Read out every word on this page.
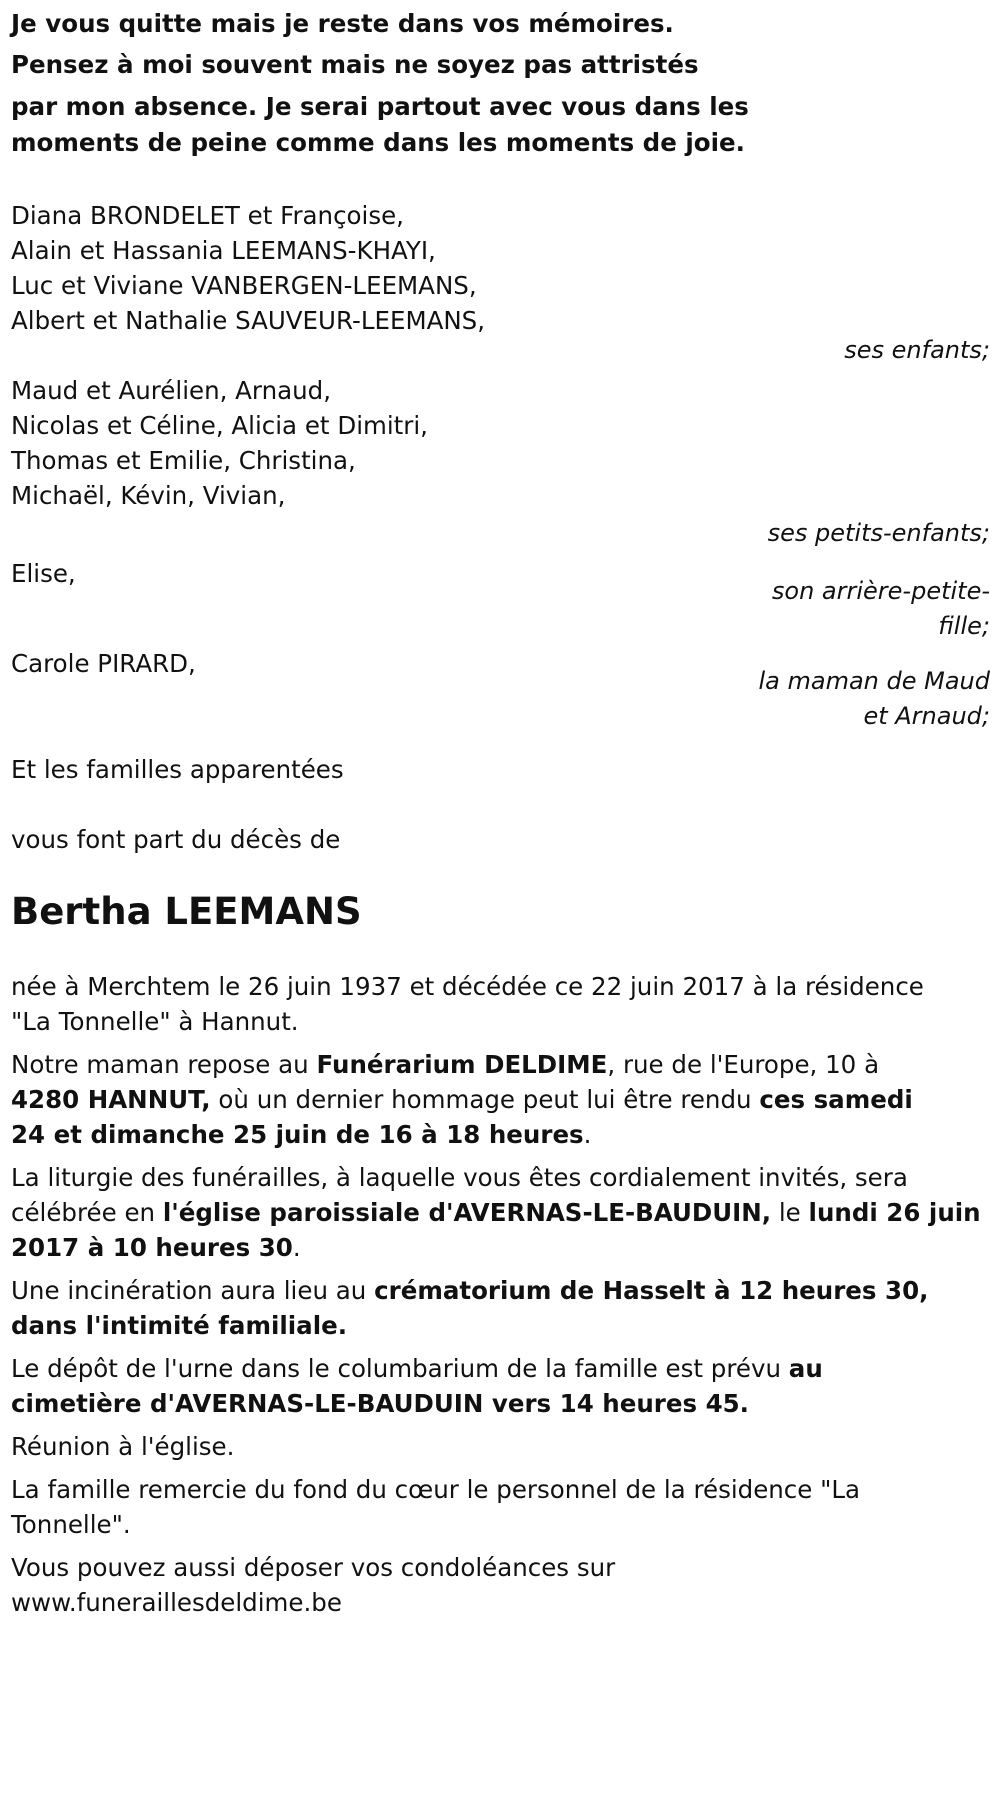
Je vous quitte mais je reste dans vos mémoires.

Pensez à moi souvent mais ne soyez pas attristés

par mon absence. Je serai partout avec vous dans les moments de peine comme dans les moments de joie.

Diana BRONDELET et Françoise,

Alain et Hassania LEEMANS-KHAYI,

Luc et Viviane VANBERGEN-LEEMANS,

Albert et Nathalie SAUVEUR-LEEMANS,

ses enfants;

Maud et Aurélien, Arnaud,

Nicolas et Céline, Alicia et Dimitri,

Thomas et Emilie, Christina,

Michaël, Kévin, Vivian,

ses petits-enfants;

Elise,
son arrière-petite-
fille;
Carole PIRARD,
la maman de Maud
et Arnaud;

Et les familles apparentées

vous font part du décès de

Bertha LEEMANS

née à Merchtem le 26 juin 1937 et décédée ce 22 juin 2017 à la résidence
"La Tonnelle" à Hannut.

Notre maman repose au Funérarium DELDIME, rue de l'Europe, 10 à
4280 HANNUT, où un dernier hommage peut lui être rendu ces samedi
24 et dimanche 25 juin de 16 à 18 heures.

La liturgie des funérailles, à laquelle vous êtes cordialement invités, sera
célébrée en l'église paroissiale d'AVERNAS-LE-BAUDUIN, le lundi 26 juin
2017 à 10 heures 30.

Une incinération aura lieu au crématorium de Hasselt à 12 heures 30,
dans l'intimité familiale.

Le dépôt de l'urne dans le columbarium de la famille est prévu au
cimetière d'AVERNAS-LE-BAUDUIN vers 14 heures 45.

Réunion à l'église.

La famille remercie du fond du cœur le personnel de la résidence "La
Tonnelle".

Vous pouvez aussi déposer vos condoléances sur
www.funeraillesdeldime.be
